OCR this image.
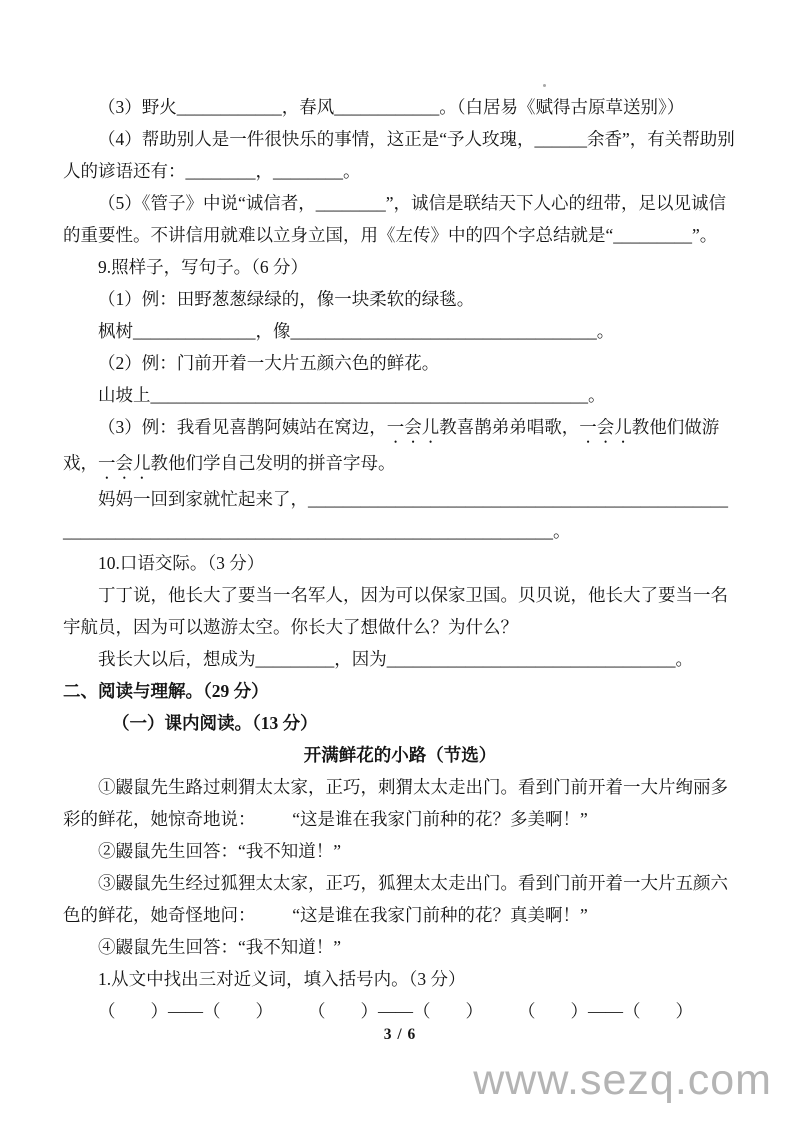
（3）野火____________，春风____________。（白居易《赋得古原草送别》）

（4）帮助别人是一件很快乐的事情，这正是“予人玫瑰，______余香”，有关帮助别人的谚语还有：________，________。

（5）《管子》中说“诚信者，________”，诚信是联结天下人心的纽带，足以见诚信的重要性。不讲信用就难以立身立国，用《左传》中的四个字总结就是“_________”。

9.照样子，写句子。（6 分）

（1）例：田野葱葱绿绿的，像一块柔软的绿毯。

枫树______________，像___________________________________。

（2）例：门前开着一大片五颜六色的鲜花。

山坡上__________________________________________________。

（3）例：我看见喜鹊阿姨站在窝边，一会儿教喜鹊弟弟唱歌，一会儿教他们做游戏，一会儿教他们学自己发明的拼音字母。

妈妈一回到家就忙起来了，________________________________________________

________________________________________________________。

10.口语交际。（3 分）

丁丁说，他长大了要当一名军人，因为可以保家卫国。贝贝说，他长大了要当一名宇航员，因为可以遨游太空。你长大了想做什么？为什么？

我长大以后，想成为_________，因为_________________________________。

二、阅读与理解。（29 分）

（一）课内阅读。（13 分）

开满鲜花的小路（节选）

①鼹鼠先生路过刺猬太太家，正巧，刺猬太太走出门。看到门前开着一大片绚丽多彩的鲜花，她惊奇地说： “这是谁在我家门前种的花？多美啊！”

②鼹鼠先生回答：“我不知道！”

③鼹鼠先生经过狐狸太太家，正巧，狐狸太太走出门。看到门前开着一大片五颜六色的鲜花，她奇怪地问： “这是谁在我家门前种的花？真美啊！”

④鼹鼠先生回答：“我不知道！”

1.从文中找出三对近义词，填入括号内。（3 分）

（　　）——（　　）　　　（　　）——（　　）　　　（　　）——（　　）

3 / 6
www.sezq.com
